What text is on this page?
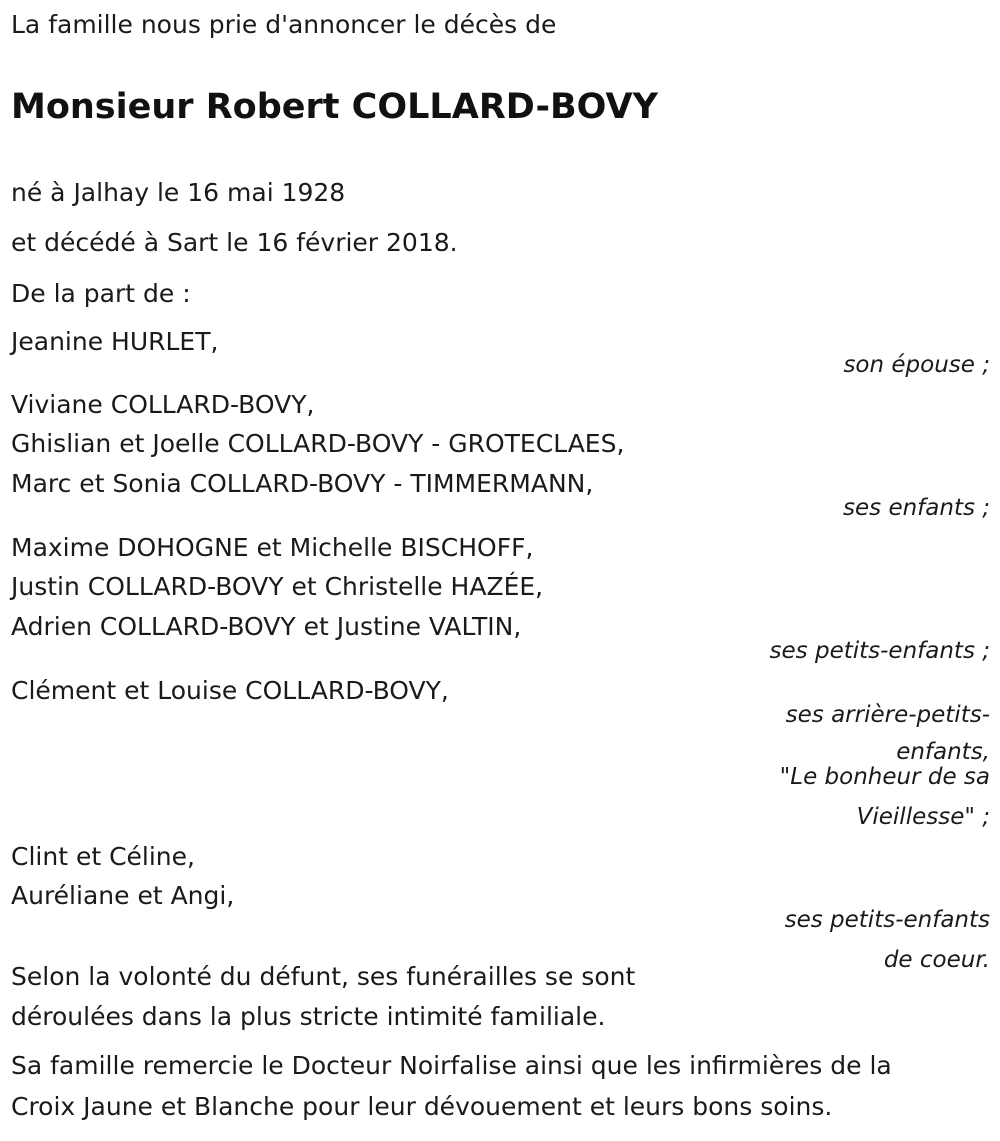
La famille nous prie d'annoncer le décès de
Monsieur Robert COLLARD-BOVY
né à Jalhay le 16 mai 1928
et décédé à Sart le 16 février 2018.
De la part de :
Jeanine HURLET,
son épouse ;
Viviane COLLARD-BOVY,
Ghislian et Joelle COLLARD-BOVY - GROTECLAES,
Marc et Sonia COLLARD-BOVY - TIMMERMANN,
ses enfants ;
Maxime DOHOGNE et Michelle BISCHOFF,
Justin COLLARD-BOVY et Christelle HAZÉE,
Adrien COLLARD-BOVY et Justine VALTIN,
ses petits-enfants ;
Clément et Louise COLLARD-BOVY,
ses arrière-petits-
enfants,
"Le bonheur de sa
Vieillesse" ;
Clint et Céline,
Auréliane et Angi,
ses petits-enfants
de coeur.
Selon la volonté du défunt, ses funérailles se sont
déroulées dans la plus stricte intimité familiale.
Sa famille remercie le Docteur Noirfalise ainsi que les infirmières de la
Croix Jaune et Blanche pour leur dévouement et leurs bons soins.
